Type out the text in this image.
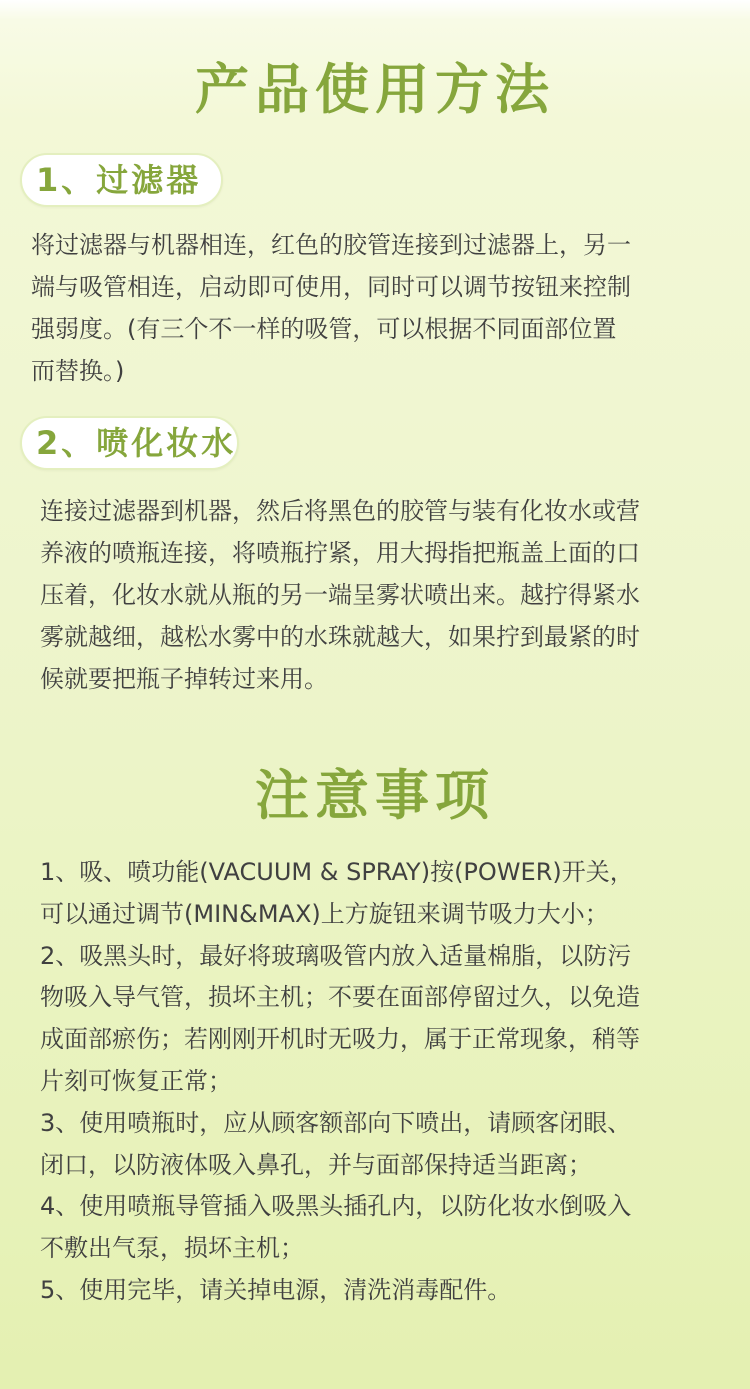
产品使用方法
1、过滤器
将过滤器与机器相连，红色的胶管连接到过滤器上，另一
端与吸管相连，启动即可使用，同时可以调节按钮来控制
强弱度。(有三个不一样的吸管，可以根据不同面部位置
而替换。)
2、喷化妆水
连接过滤器到机器，然后将黑色的胶管与装有化妆水或营
养液的喷瓶连接，将喷瓶拧紧，用大拇指把瓶盖上面的口
压着，化妆水就从瓶的另一端呈雾状喷出来。越拧得紧水
雾就越细，越松水雾中的水珠就越大，如果拧到最紧的时
候就要把瓶子掉转过来用。
注意事项
1、吸、喷功能(VACUUM & SPRAY)按(POWER)开关，
可以通过调节(MIN&MAX)上方旋钮来调节吸力大小；
2、吸黑头时，最好将玻璃吸管内放入适量棉脂，以防污
物吸入导气管，损坏主机；不要在面部停留过久，以免造
成面部瘀伤；若刚刚开机时无吸力，属于正常现象，稍等
片刻可恢复正常；
3、使用喷瓶时，应从顾客额部向下喷出，请顾客闭眼、
闭口，以防液体吸入鼻孔，并与面部保持适当距离；
4、使用喷瓶导管插入吸黑头插孔内，以防化妆水倒吸入
不敷出气泵，损坏主机；
5、使用完毕，请关掉电源，清洗消毒配件。
